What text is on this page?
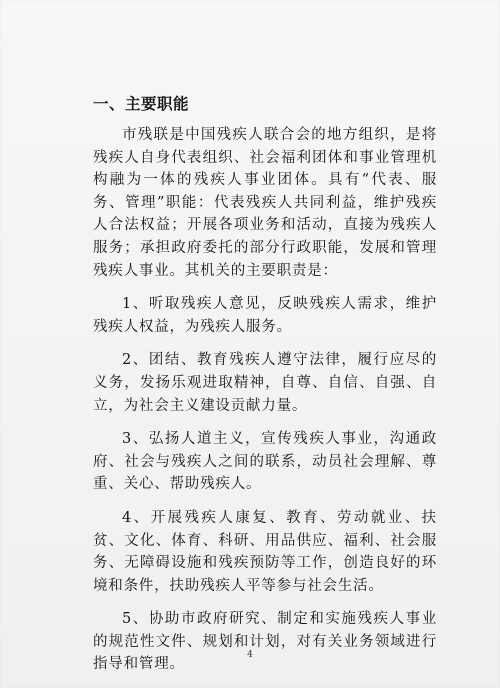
一、主要职能

市残联是中国残疾人联合会的地方组织，是将残疾人自身代表组织、社会福利团体和事业管理机构融为一体的残疾人事业团体。具有“代表、服务、管理”职能：代表残疾人共同利益，维护残疾人合法权益；开展各项业务和活动，直接为残疾人服务；承担政府委托的部分行政职能，发展和管理残疾人事业。其机关的主要职责是：

1、听取残疾人意见，反映残疾人需求，维护残疾人权益，为残疾人服务。

2、团结、教育残疾人遵守法律，履行应尽的义务，发扬乐观进取精神，自尊、自信、自强、自立，为社会主义建设贡献力量。

3、弘扬人道主义，宣传残疾人事业，沟通政府、社会与残疾人之间的联系，动员社会理解、尊重、关心、帮助残疾人。

4、开展残疾人康复、教育、劳动就业、扶贫、文化、体育、科研、用品供应、福利、社会服务、无障碍设施和残疾预防等工作，创造良好的环境和条件，扶助残疾人平等参与社会生活。

5、协助市政府研究、制定和实施残疾人事业的规范性文件、规划和计划，对有关业务领域进行指导和管理。

4
